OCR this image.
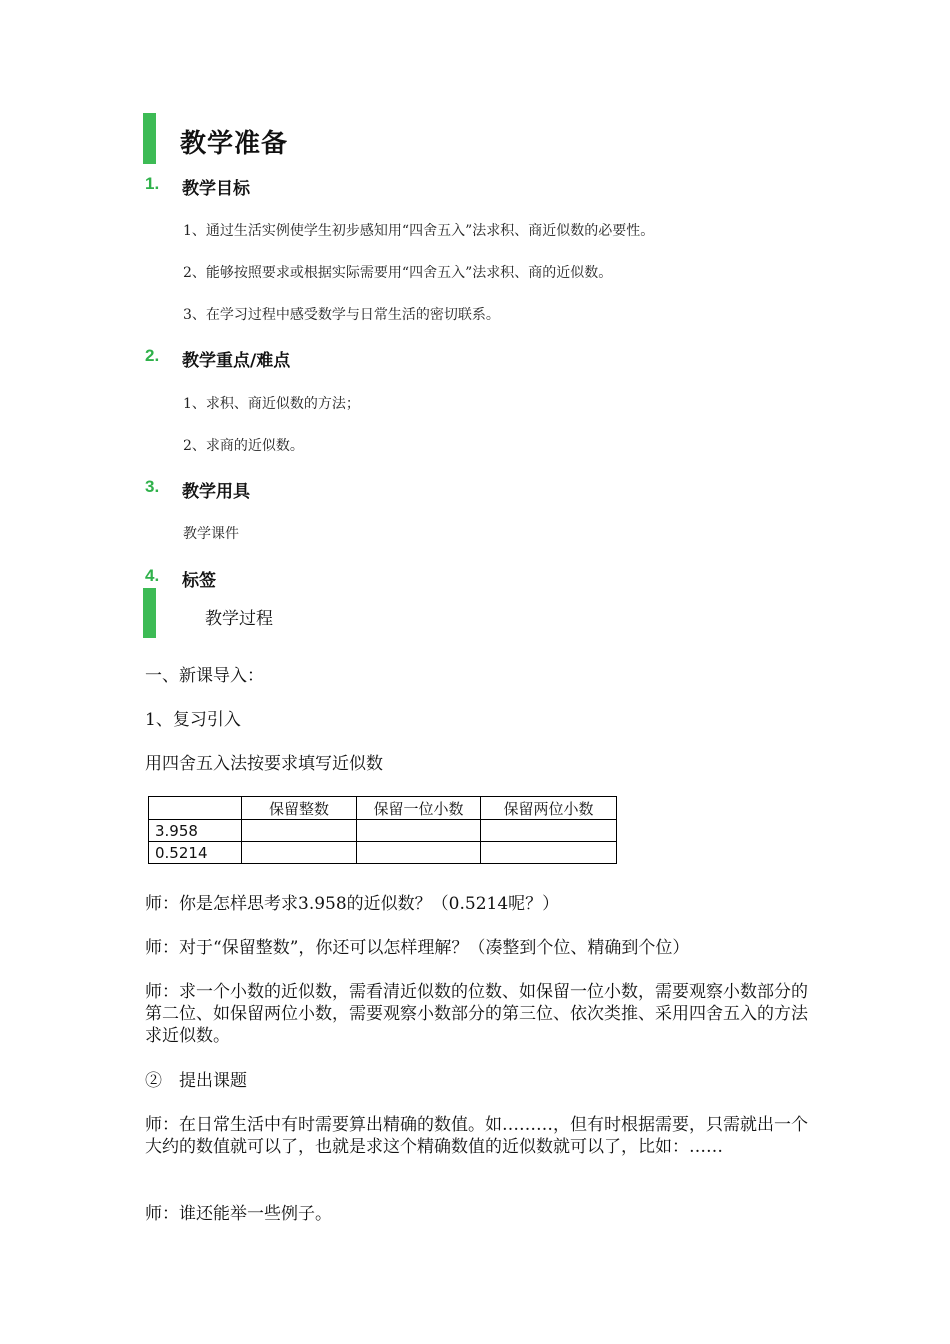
教学准备
1. 教学目标
1、通过生活实例使学生初步感知用“四舍五入”法求积、商近似数的必要性。
2、能够按照要求或根据实际需要用“四舍五入”法求积、商的近似数。
3、在学习过程中感受数学与日常生活的密切联系。
2. 教学重点/难点
1、求积、商近似数的方法；
2、求商的近似数。
3. 教学用具
教学课件
4. 标签
教学过程
一、新课导入：
1、复习引入
用四舍五入法按要求填写近似数
	保留整数	保留一位小数	保留两位小数
3.958			
0.5214			
师：你是怎样思考求3.958的近似数？（0.5214呢？）
师：对于“保留整数”，你还可以怎样理解？（凑整到个位、精确到个位）
师：求一个小数的近似数，需看清近似数的位数、如保留一位小数，需要观察小数部分的第二位、如保留两位小数，需要观察小数部分的第三位、依次类推、采用四舍五入的方法求近似数。
②　提出课题
师：在日常生活中有时需要算出精确的数值。如………，但有时根据需要，只需就出一个大约的数值就可以了，也就是求这个精确数值的近似数就可以了，比如：……
师：谁还能举一些例子。
